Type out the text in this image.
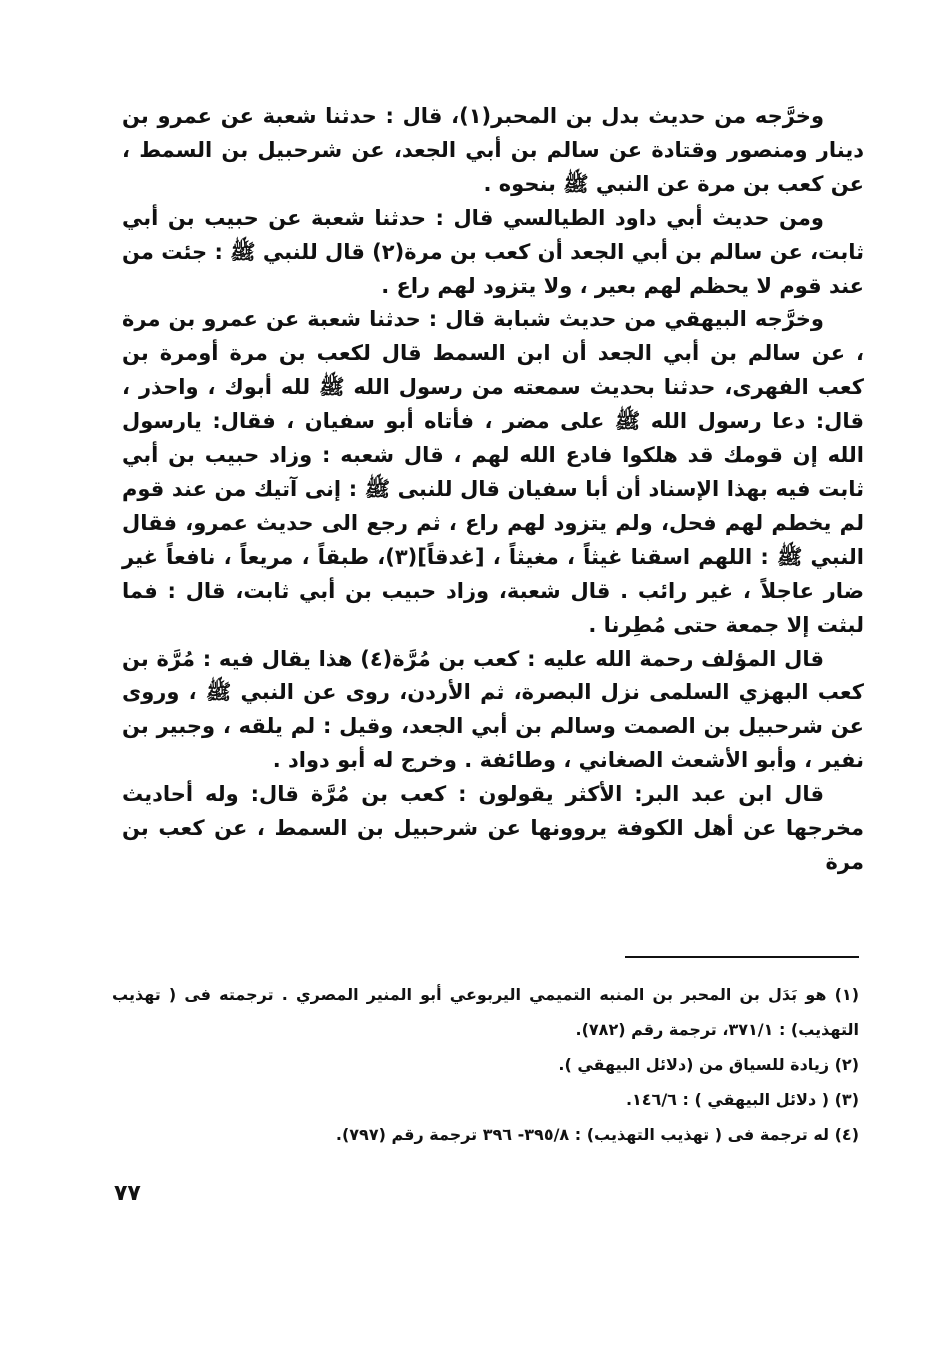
وخرَّجه من حديث بدل بن المحبر(١)، قال : حدثنا شعبة عن عمرو بن دينار ومنصور وقتادة عن سالم بن أبي الجعد، عن شرحبيل بن السمط ، عن كعب بن مرة عن النبي ﷺ بنحوه .

ومن حديث أبي داود الطيالسي قال : حدثنا شعبة عن حبيب بن أبي ثابت، عن سالم بن أبي الجعد أن كعب بن مرة(٢) قال للنبي ﷺ : جئت من عند قوم لا يحظم لهم بعير ، ولا يتزود لهم راع .

وخرَّجه البيهقي من حديث شبابة قال : حدثنا شعبة عن عمرو بن مرة ، عن سالم بن أبي الجعد أن ابن السمط قال لكعب بن مرة أومرة بن كعب الفهرى، حدثنا بحديث سمعته من رسول الله ﷺ لله أبوك ، واحذر ، قال: دعا رسول الله ﷺ على مضر ، فأتاه أبو سفيان ، فقال: يارسول الله إن قومك قد هلكوا فادع الله لهم ، قال شعبه : وزاد حبيب بن أبي ثابت فيه بهذا الإسناد أن أبا سفيان قال للنبى ﷺ : إنى آتيك من عند قوم لم يخطم لهم فحل، ولم يتزود لهم راع ، ثم رجع الى حديث عمرو، فقال النبي ﷺ : اللهم اسقنا غيثاً ، مغيثاً ، [غدقاً](٣)، طبقاً ، مريعاً ، نافعاً غير ضار عاجلاً ، غير رائب . قال شعبة، وزاد حبيب بن أبي ثابت، قال : فما لبثت إلا جمعة حتى مُطِرنا .

قال المؤلف رحمة الله عليه : كعب بن مُرَّة(٤) هذا يقال فيه : مُرَّة بن كعب البهزي السلمى نزل البصرة، ثم الأردن، روى عن النبي ﷺ ، وروى عن شرحبيل بن الصمت وسالم بن أبي الجعد، وقيل : لم يلقه ، وجبير بن نفير ، وأبو الأشعث الصغاني ، وطائفة . وخرج له أبو دواد .

قال ابن عبد البر: الأكثر يقولون : كعب بن مُرَّة قال: وله أحاديث مخرجها عن أهل الكوفة يروونها عن شرحبيل بن السمط ، عن كعب بن مرة

(١) هو بَدَل بن المحبر بن المنبه التميمي اليربوعي أبو المنير المصري . ترجمته فى ( تهذيب التهذيب) : ٣٧١/١، ترجمة رقم (٧٨٢).

(٢) زيادة للسياق من (دلائل البيهقي ).

(٣) ( دلائل البيهقي ) : ١٤٦/٦.

(٤) له ترجمة فى ( تهذيب التهذيب) : ٣٩٥/٨- ٣٩٦ ترجمة رقم (٧٩٧).

٧٧
